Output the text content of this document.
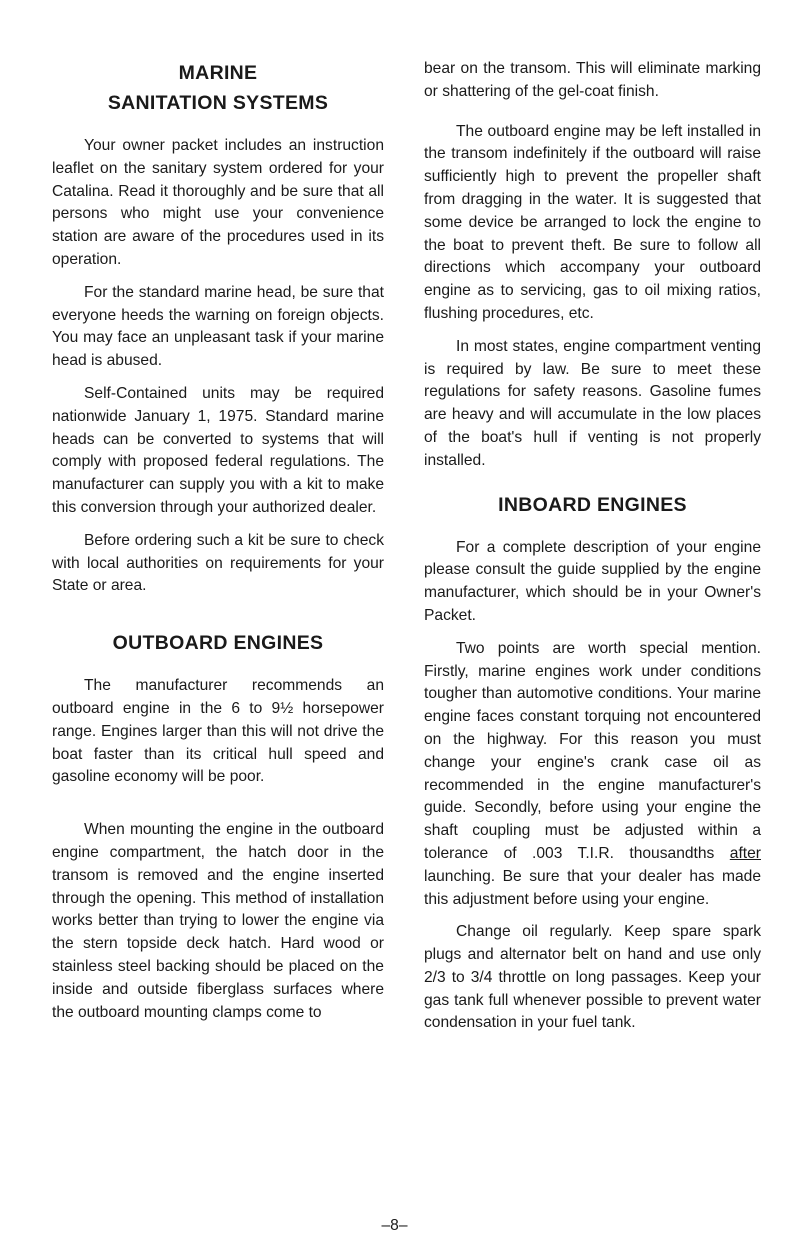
MARINE
SANITATION SYSTEMS

Your owner packet includes an instruction leaflet on the sanitary system ordered for your Catalina. Read it thoroughly and be sure that all persons who might use your convenience station are aware of the procedures used in its operation.

For the standard marine head, be sure that everyone heeds the warning on foreign objects. You may face an unpleasant task if your marine head is abused.

Self-Contained units may be required nationwide January 1, 1975. Standard marine heads can be converted to systems that will comply with proposed federal regulations. The manufacturer can supply you with a kit to make this conversion through your authorized dealer.

Before ordering such a kit be sure to check with local authorities on requirements for your State or area.

OUTBOARD ENGINES

The manufacturer recommends an outboard engine in the 6 to 9½ horsepower range. Engines larger than this will not drive the boat faster than its critical hull speed and gasoline economy will be poor.

When mounting the engine in the outboard engine compartment, the hatch door in the transom is removed and the engine inserted through the opening. This method of installation works better than trying to lower the engine via the stern topside deck hatch. Hard wood or stainless steel backing should be placed on the inside and outside fiberglass surfaces where the outboard mounting clamps come to

bear on the transom. This will eliminate marking or shattering of the gel-coat finish.

The outboard engine may be left installed in the transom indefinitely if the outboard will raise sufficiently high to prevent the propeller shaft from dragging in the water. It is suggested that some device be arranged to lock the engine to the boat to prevent theft. Be sure to follow all directions which accompany your outboard engine as to servicing, gas to oil mixing ratios, flushing procedures, etc.

In most states, engine compartment venting is required by law. Be sure to meet these regulations for safety reasons. Gasoline fumes are heavy and will accumulate in the low places of the boat's hull if venting is not properly installed.

INBOARD ENGINES

For a complete description of your engine please consult the guide supplied by the engine manufacturer, which should be in your Owner's Packet.

Two points are worth special mention. Firstly, marine engines work under conditions tougher than automotive conditions. Your marine engine faces constant torquing not encountered on the highway. For this reason you must change your engine's crank case oil as recommended in the engine manufacturer's guide. Secondly, before using your engine the shaft coupling must be adjusted within a tolerance of .003 T.I.R. thousandths after launching. Be sure that your dealer has made this adjustment before using your engine.

Change oil regularly. Keep spare spark plugs and alternator belt on hand and use only 2/3 to 3/4 throttle on long passages. Keep your gas tank full whenever possible to prevent water condensation in your fuel tank.

–8–
